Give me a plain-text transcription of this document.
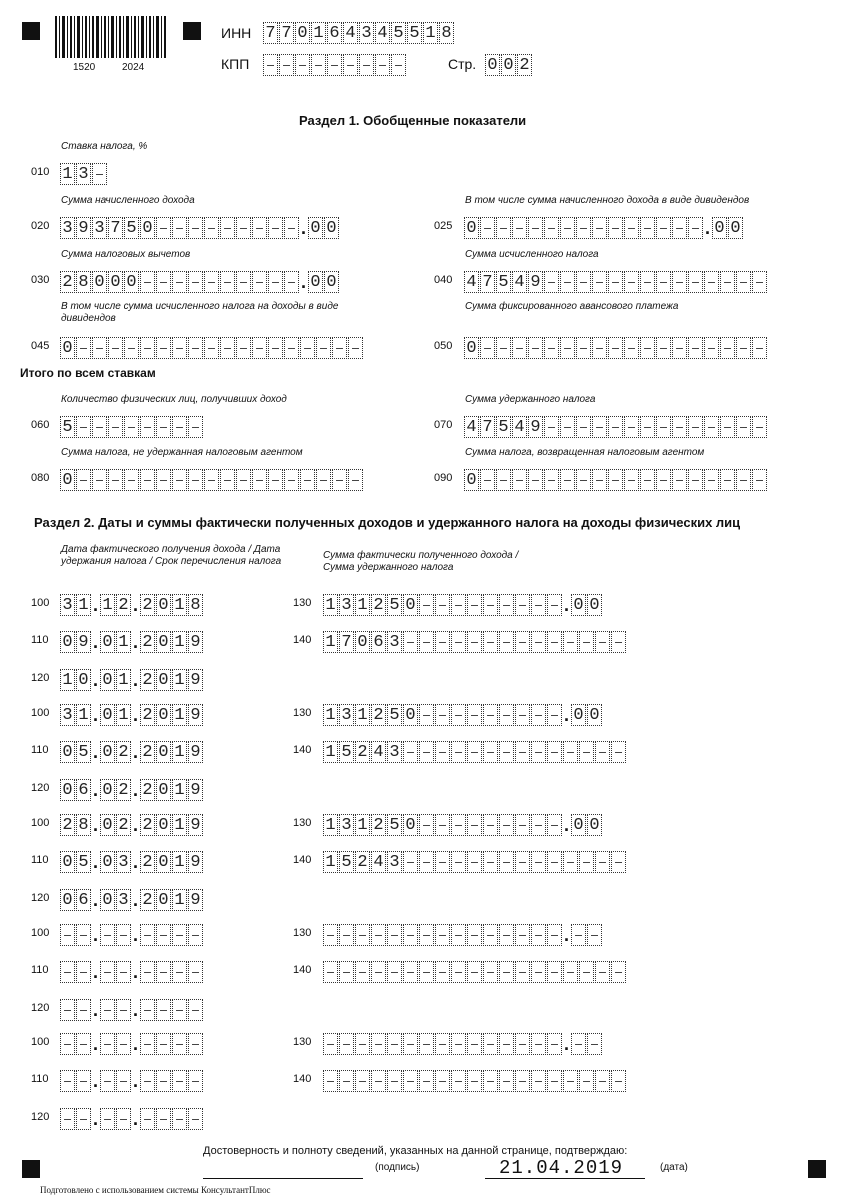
1520	2024
ИНН 7 7 0 1 6 4 3 4 5 5 1 8
КПП	Стр. 0 0 2
Раздел 1. Обобщенные показатели
Ставка налога, %
010 1 3
Сумма начисленного дохода
020 3 9 3 7 5 0	. 0 0
В том числе сумма начисленного дохода в виде дивидендов
025 0	. 0 0
Сумма налоговых вычетов
030 2 8 0 0 0	. 0 0
Сумма исчисленного налога
040 4 7 5 4 9
В том числе сумма исчисленного налога на доходы в виде дивидендов
045 0
Сумма фиксированного авансового платежа
050 0
Итого по всем ставкам
Количество физических лиц, получивших доход
060 5
Сумма удержанного налога
070 4 7 5 4 9
Сумма налога, не удержанная налоговым агентом
080 0
Сумма налога, возвращенная налоговым агентом
090 0
Раздел 2. Даты и суммы фактически полученных доходов и удержанного налога на доходы физических лиц
Дата фактического получения дохода / Дата удержания налога / Срок перечисления налога
Сумма фактически полученного дохода / Сумма удержанного налога
100 3 1 . 1 2 . 2 0 1 8
110 0 9 . 0 1 . 2 0 1 9
120 1 0 . 0 1 . 2 0 1 9
130 1 3 1 2 5 0	. 0 0
140 1 7 0 6 3
100 3 1 . 0 1 . 2 0 1 9
110 0 5 . 0 2 . 2 0 1 9
120 0 6 . 0 2 . 2 0 1 9
130 1 3 1 2 5 0	. 0 0
140 1 5 2 4 3
100 2 8 . 0 2 . 2 0 1 9
110 0 5 . 0 3 . 2 0 1 9
120 0 6 . 0 3 . 2 0 1 9
130 1 3 1 2 5 0	. 0 0
140 1 5 2 4 3
100 . .
110 . .
120 . .
130	.
140
100 . .
110 . .
120 . .
130	.
140
Достоверность и полноту сведений, указанных на данной странице, подтверждаю:
(подпись)	21.04.2019	(дата)
Подготовлено с использованием системы КонсультантПлюс
